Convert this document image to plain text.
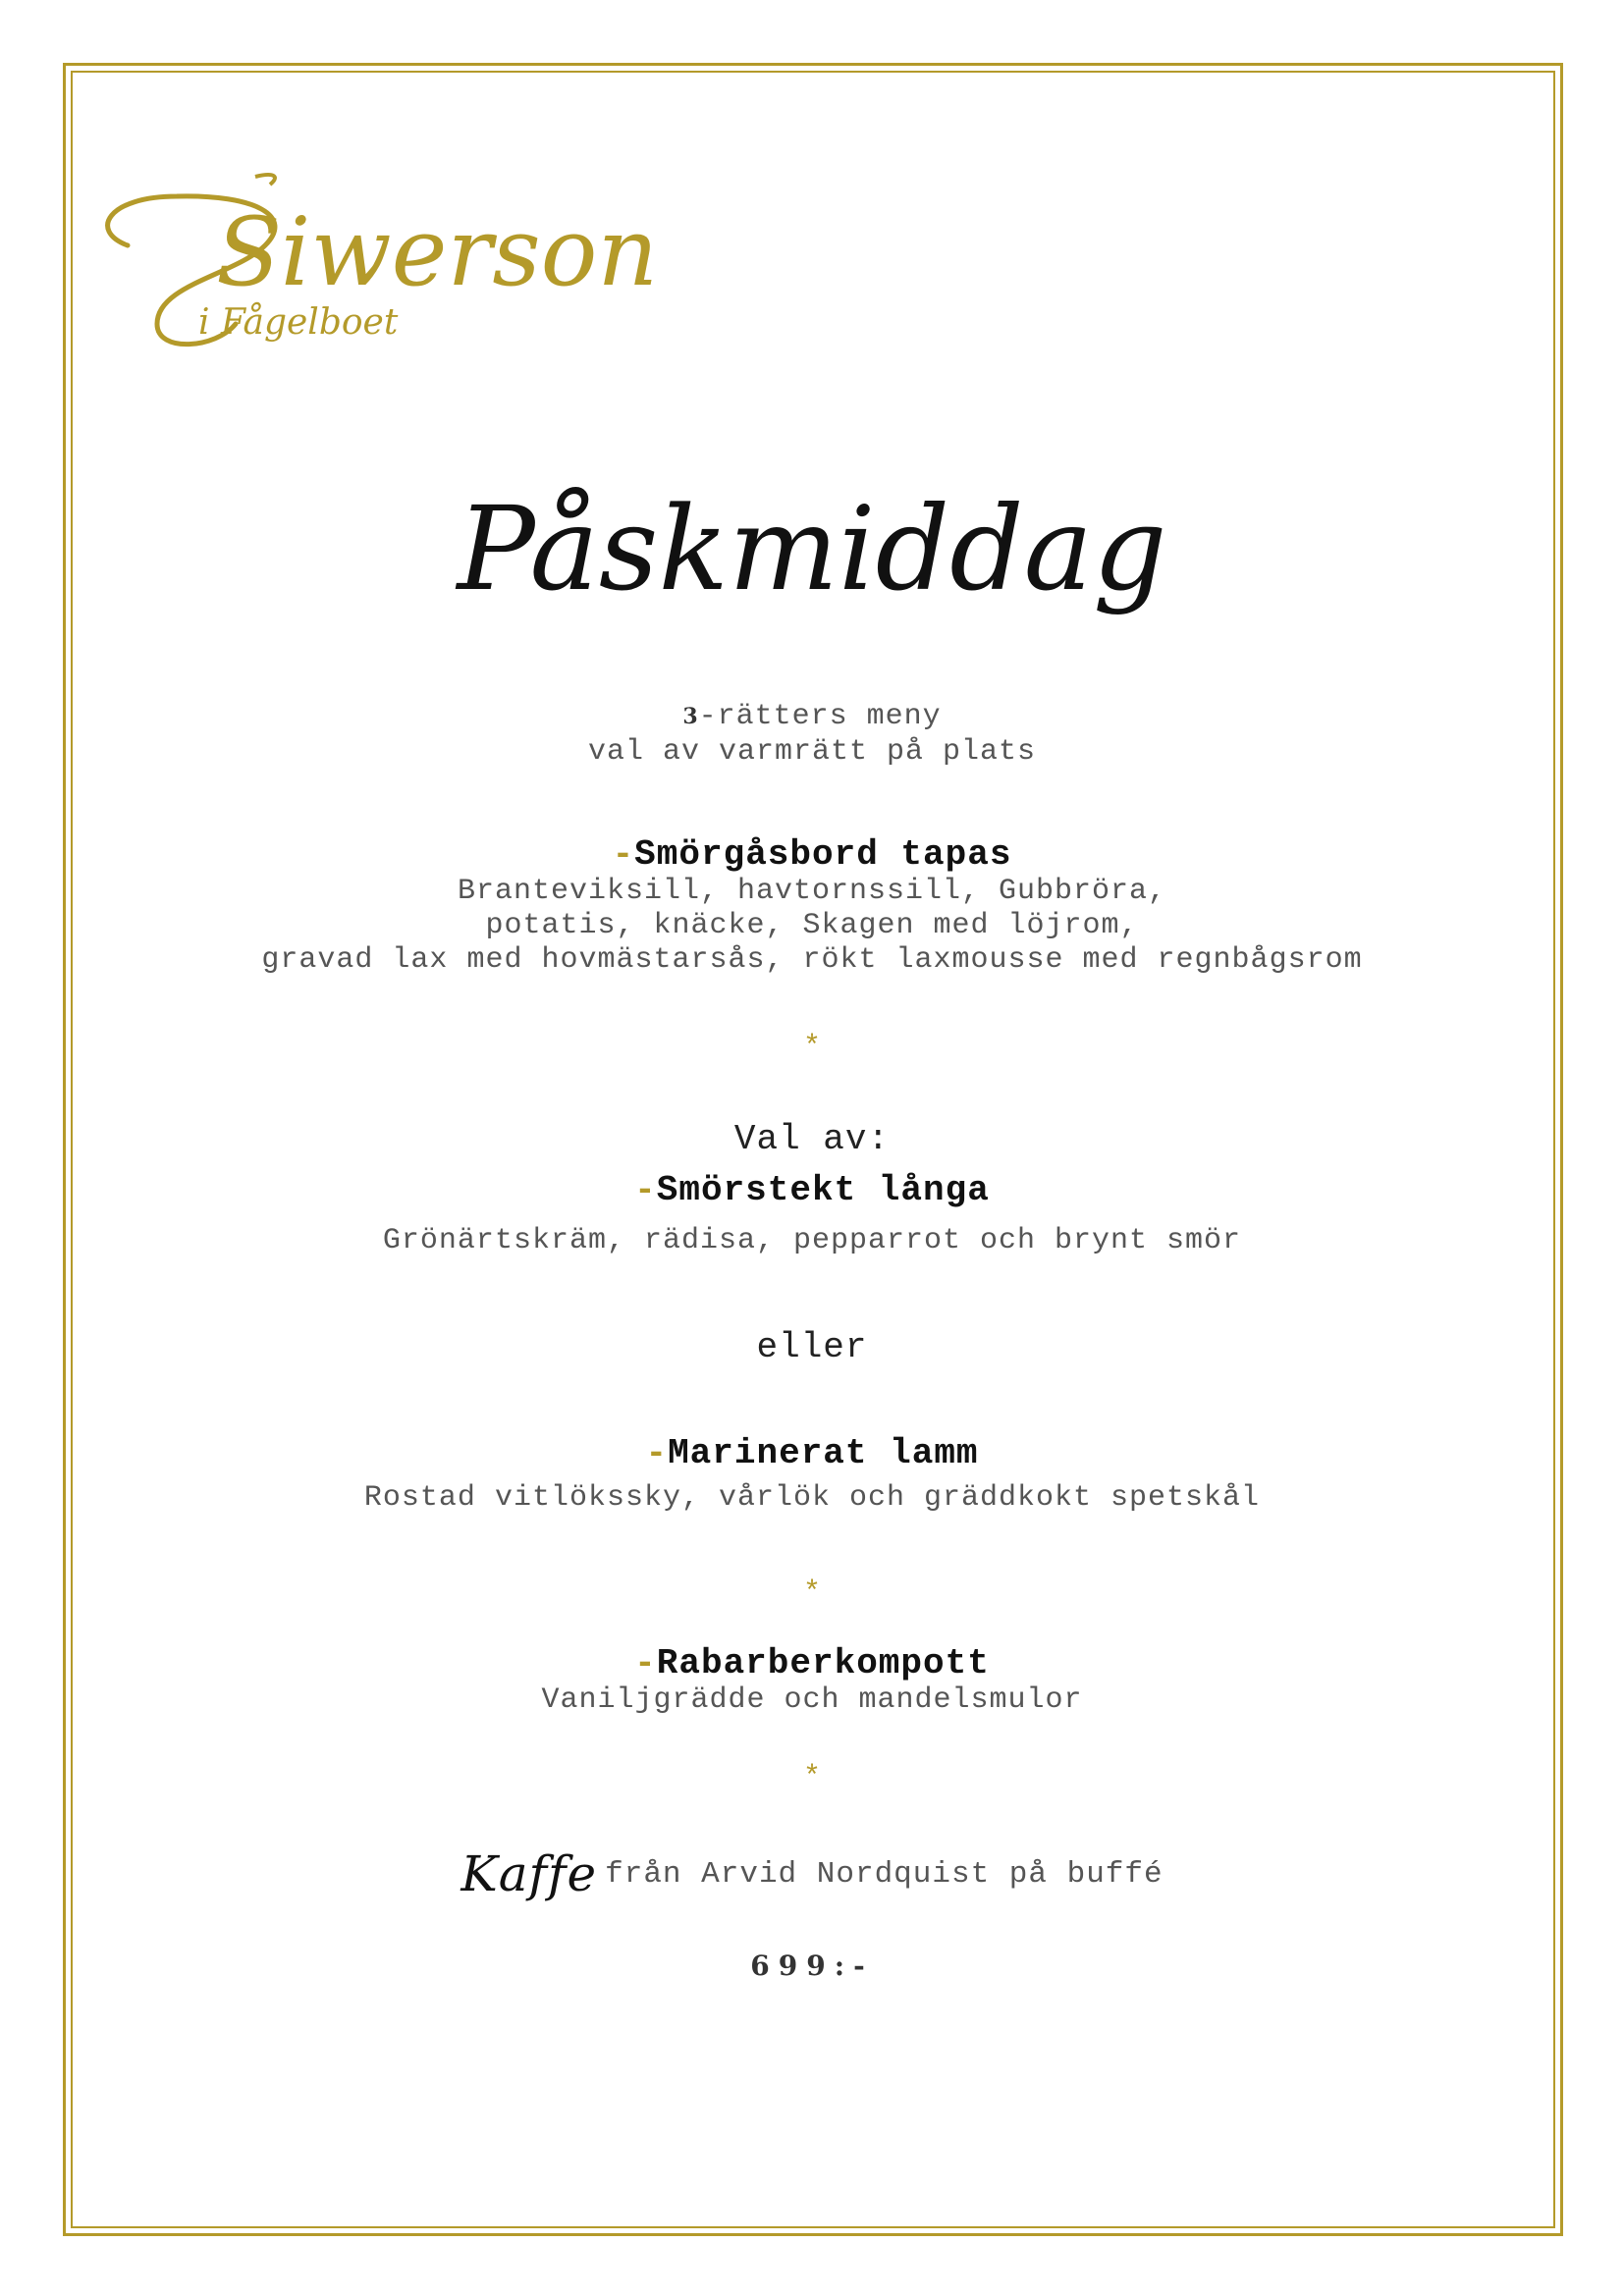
Siwerson
i Fågelboet
Påskmiddag
3-rätters meny
val av varmrätt på plats
-Smörgåsbord tapas
Branteviksill, havtornssill, Gubbröra,
potatis, knäcke, Skagen med löjrom,
gravad lax med hovmästarsås, rökt laxmousse med regnbågsrom
*
Val av:
-Smörstekt långa
Grönärtskräm, rädisa, pepparrot och brynt smör
eller
-Marinerat lamm
Rostad vitlökssky, vårlök och gräddkokt spetskål
*
-Rabarberkompott
Vaniljgrädde och mandelsmulor
*
Kaffe från Arvid Nordquist på buffé
699:-
